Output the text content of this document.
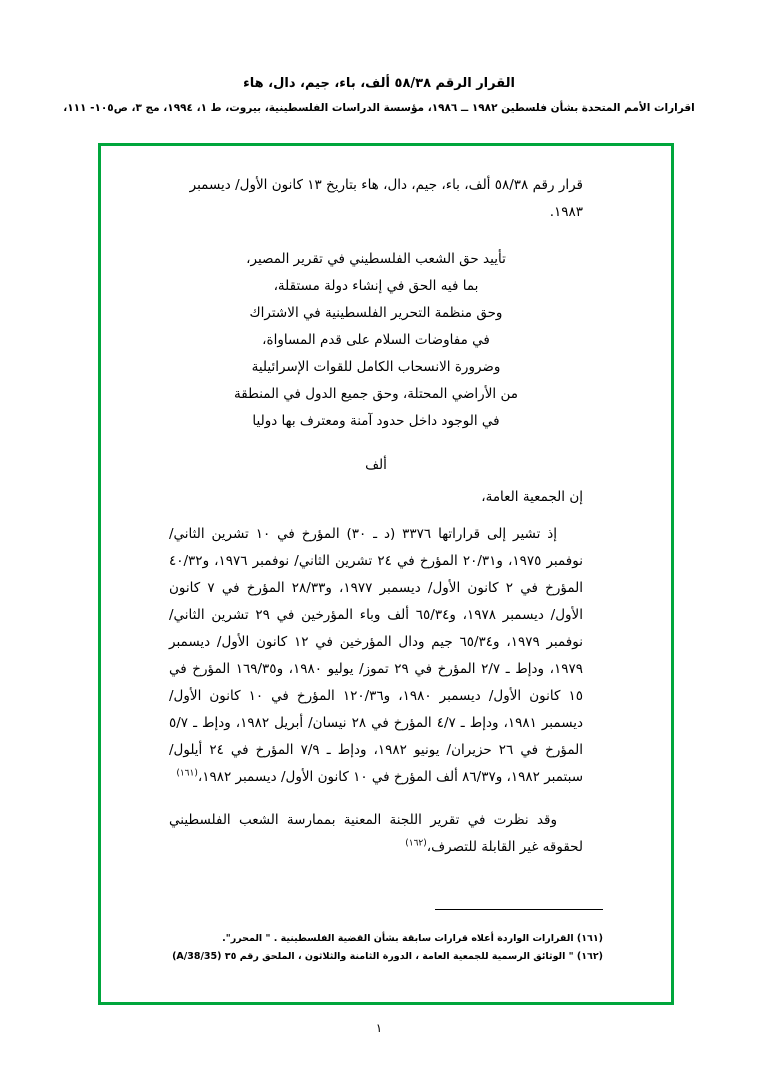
القرار الرقم ٥٨/٣٨ ألف، باء، جيم، دال، هاء
اقرارات الأمم المتحدة بشأن فلسطين ١٩٨٢ ــ ١٩٨٦، مؤسسة الدراسات الفلسطينية، بيروت، ط ١، ١٩٩٤، مج ٣، ص١٠٥- ١١١،
قرار رقم ٥٨/٣٨ ألف، باء، جيم، دال، هاء بتاريخ ١٣ كانون الأول/ ديسمبر ١٩٨٣.
تأييد حق الشعب الفلسطيني في تقرير المصير،
بما فيه الحق في إنشاء دولة مستقلة،
وحق منظمة التحرير الفلسطينية في الاشتراك
في مفاوضات السلام على قدم المساواة،
وضرورة الانسحاب الكامل للقوات الإسرائيلية
من الأراضي المحتلة، وحق جميع الدول في المنطقة
في الوجود داخل حدود آمنة ومعترف بها دوليا
ألف
إن الجمعية العامة،
إذ تشير إلى قراراتها ٣٣٧٦ (د ـ ٣٠) المؤرخ في ١٠ تشرين الثاني/ نوفمبر ١٩٧٥، و٢٠/٣١ المؤرخ في ٢٤ تشرين الثاني/ نوفمبر ١٩٧٦، و٤٠/٣٢ المؤرخ في ٢ كانون الأول/ ديسمبر ١٩٧٧، و٢٨/٣٣ المؤرخ في ٧ كانون الأول/ ديسمبر ١٩٧٨، و٦٥/٣٤ ألف وباء المؤرخين في ٢٩ تشرين الثاني/ نوفمبر ١٩٧٩، و٦٥/٣٤ جيم ودال المؤرخين في ١٢ كانون الأول/ ديسمبر ١٩٧٩، ودإط ـ ٢/٧ المؤرخ في ٢٩ تموز/ يوليو ١٩٨٠، و١٦٩/٣٥ المؤرخ في ١٥ كانون الأول/ ديسمبر ١٩٨٠، و١٢٠/٣٦ المؤرخ في ١٠ كانون الأول/ ديسمبر ١٩٨١، ودإط ـ ٤/٧ المؤرخ في ٢٨ نيسان/ أبريل ١٩٨٢، ودإط ـ ٥/٧ المؤرخ في ٢٦ حزيران/ يونيو ١٩٨٢، ودإط ـ ٧/٩ المؤرخ في ٢٤ أيلول/ سبتمبر ١٩٨٢، و٨٦/٣٧ ألف المؤرخ في ١٠ كانون الأول/ ديسمبر ١٩٨٢،$^{(١٦١)}$
وقد نظرت في تقرير اللجنة المعنية بممارسة الشعب الفلسطيني لحقوقه غير القابلة للتصرف،$^{(١٦٢)}$
(١٦١) القرارات الواردة أعلاه قرارات سابقة بشأن القضية الفلسطينية . " المحرر".
(١٦٢) " الوثائق الرسمية للجمعية العامة ، الدورة الثامنة والثلاثون ، الملحق رقم ٣٥ (A/38/35)
١
